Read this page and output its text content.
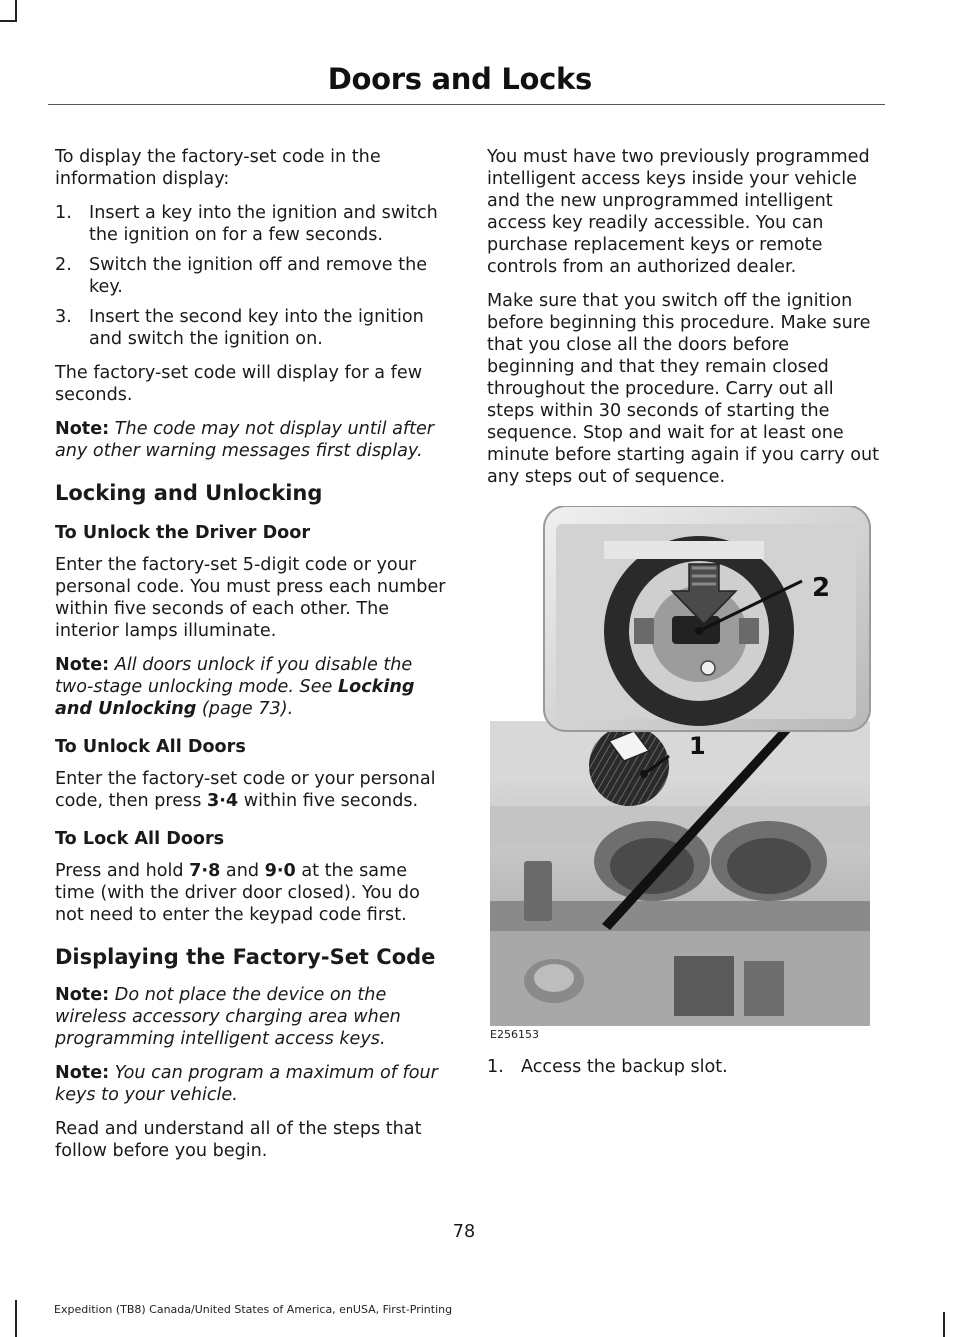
Doors and Locks

To display the factory-set code in the information display:

1. Insert a key into the ignition and switch the ignition on for a few seconds.
2. Switch the ignition off and remove the key.
3. Insert the second key into the ignition and switch the ignition on.

The factory-set code will display for a few seconds.

Note: The code may not display until after any other warning messages first display.

Locking and Unlocking
To Unlock the Driver Door

Enter the factory-set 5-digit code or your personal code. You must press each number within five seconds of each other. The interior lamps illuminate.

Note: All doors unlock if you disable the two-stage unlocking mode. See Locking and Unlocking (page 73).

To Unlock All Doors

Enter the factory-set code or your personal code, then press 3·4 within five seconds.

To Lock All Doors

Press and hold 7·8 and 9·0 at the same time (with the driver door closed). You do not need to enter the keypad code first.

Displaying the Factory-Set Code

Note: Do not place the device on the wireless accessory charging area when programming intelligent access keys.

Note: You can program a maximum of four keys to your vehicle.

Read and understand all of the steps that follow before you begin.

You must have two previously programmed intelligent access keys inside your vehicle and the new unprogrammed intelligent access key readily accessible. You can purchase replacement keys or remote controls from an authorized dealer.

Make sure that you switch off the ignition before beginning this procedure. Make sure that you close all the doors before beginning and that they remain closed throughout the procedure. Carry out all steps within 30 seconds of starting the sequence. Stop and wait for at least one minute before starting again if you carry out any steps out of sequence.

2
1
E256153
1. Access the backup slot.
78
Expedition (TB8) Canada/United States of America, enUSA, First-Printing
